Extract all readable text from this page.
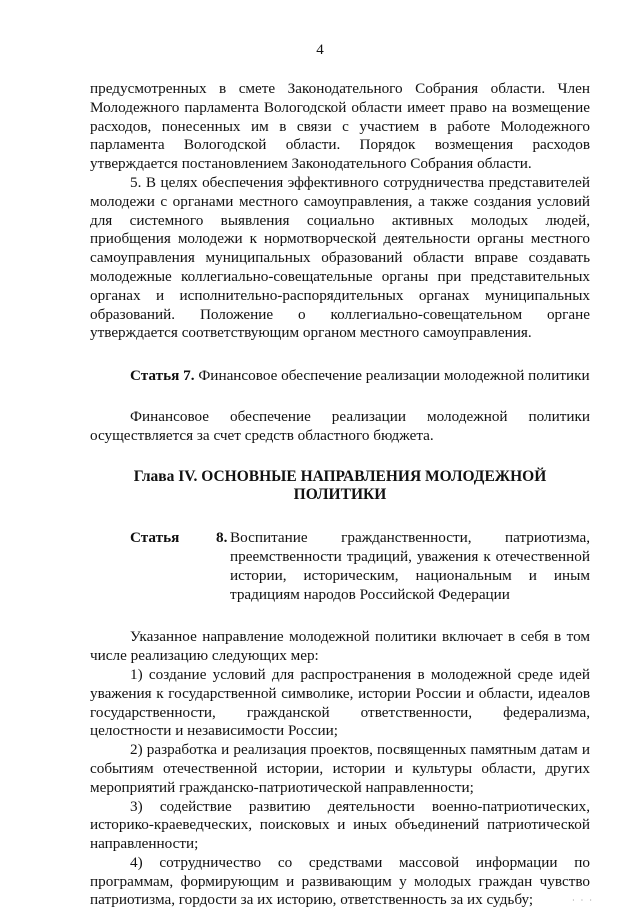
4

предусмотренных в смете Законодательного Собрания области. Член Молодежного парламента Вологодской области имеет право на возмещение расходов, понесенных им в связи с участием в работе Молодежного парламента Вологодской области. Порядок возмещения расходов утверждается постановлением Законодательного Собрания области.

5. В целях обеспечения эффективного сотрудничества представителей молодежи с органами местного самоуправления, а также создания условий для системного выявления социально активных молодых людей, приобщения молодежи к нормотворческой деятельности органы местного самоуправления муниципальных образований области вправе создавать молодежные коллегиально-совещательные органы при представительных органах и исполнительно-распорядительных органах муниципальных образований. Положение о коллегиально-совещательном органе утверждается соответствующим органом местного самоуправления.

Статья 7. Финансовое обеспечение реализации молодежной политики

Финансовое обеспечение реализации молодежной политики осуществляется за счет средств областного бюджета.

Глава IV. ОСНОВНЫЕ НАПРАВЛЕНИЯ МОЛОДЕЖНОЙ
ПОЛИТИКИ
Статья	8. Воспитание гражданственности, патриотизма, преемственности традиций, уважения к отечественной истории, историческим, национальным и иным традициям народов Российской Федерации

Указанное направление молодежной политики включает в себя в том числе реализацию следующих мер:

1) создание условий для распространения в молодежной среде идей уважения к государственной символике, истории России и области, идеалов государственности, гражданской ответственности, федерализма, целостности и независимости России;

2) разработка и реализация проектов, посвященных памятным датам и событиям отечественной истории, истории и культуры области, других мероприятий гражданско-патриотической направленности;

3) содействие развитию деятельности военно-патриотических, историко-краеведческих, поисковых и иных объединений патриотической направленности;

4) сотрудничество со средствами массовой информации по программам, формирующим и развивающим у молодых граждан чувство патриотизма, гордости за их историю, ответственность за их судьбу;	· · ·
